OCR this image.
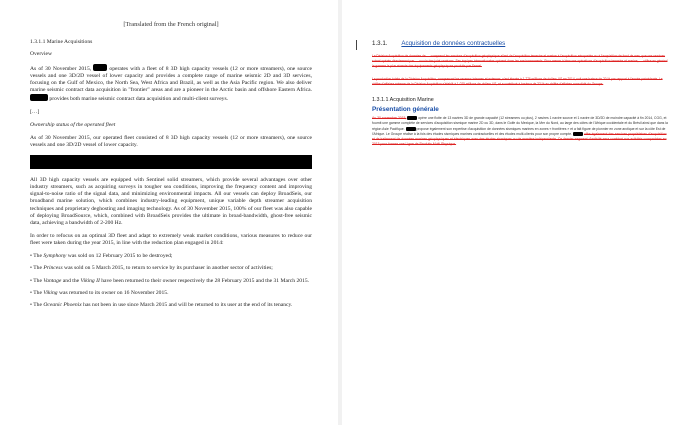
[Translated from the French original]
1.3.1.1 Marine Acquisitions
Overview

As of 30 November 2015,	operates with a fleet of 8 3D high capacity vessels (12 or more streamers), one source vessels and one 3D/2D vessel of lower capacity and provides a complete range of marine seismic 2D and 3D services, focusing on the Gulf of Mexico, the North Sea, West Africa and Brazil, as well as the Asia Pacific region. We also deliver marine seismic contract data acquisition in "frontier" areas and are a pioneer in the Arctic basin and offshore Eastern Africa.  provides both marine seismic contract data acquisition and multi-client surveys.

[…]

Ownership status of the operated fleet

As of 30 November 2015, our operated fleet consisted of 8 3D high capacity vessels (12 or more streamers), one source vessels and one 3D/2D vessel of lower capacity.

All 3D high capacity vessels are equipped with Sentinel solid streamers, which provide several advantages over other industry streamers, such as acquiring surveys in tougher sea conditions, improving the frequency content and improving signal-to-noise ratio of the signal data, and minimizing environmental impacts. All our vessels can deploy BroadSeis, our broadband marine solution, which combines industry-leading equipment, unique variable depth streamer acquisition techniques and proprietary deghosting and imaging technology. As of 30 November 2015, 100% of our fleet was also capable of deploying BroadSource, which, combined with BroadSeis provides the ultimate in broad-bandwidth, ghost-free seismic data, achieving a bandwidth of 2-200 Hz.

In order to refocus on an optimal 3D fleet and adapt to extremely weak market conditions, various measures to reduce our fleet were taken during the year 2015, in line with the reduction plan engaged in 2014:

• The Symphony was sold on 12 February 2015 to be destroyed;
• The Princess was sold on 5 March 2015, to return to service by its purchaser in another sector of activities;
• The Vantage and the Viking II have been returned to their owner respectively the 28 February 2015 and the 31 March 2015.
• The Viking was returned to its owner on 16 November 2015.
• The Oceanic Phoenix has not been in use since March 2015 and will be returned to its user at the end of its tenancy.
1.3.1. Acquisition de données contractuelles
La Division Acquisition de données de … comprend les services d'acquisition géophysique allant de l'acquisition terrestre et marine à l'acquisition aéroportée ou à l'acquisition de fond de mer, que ces services soient opérés directement par … ou via des joint-ventures. Ses équipes internationales opèrent dans les environnements. Pour mener à bien ses opérations d'acquisition terrestre et marine, … utilise en général la gamme la plus récente des équipements géophysiques produits par Sercel.
La production totale de la Division Acquisition, comprenant les revenus internes et externes, s'est élevée à 1 776 millions de dollars US en 2014, soit une baisse de 20 % par rapport à l'année précédente. Le chiffre d'affaires externe de la Division Acquisition s'établit à 1 025 millions de dollars US, et a contribué à hauteur de 33 % au chiffre d'affaires consolidé du Groupe.
1.3.1.1 Acquisition Marine
Présentation générale
Au 30 novembre 2015,	opère une flotte de 13 navires 3D de grande capacité (12 streamers ou plus), 2 navires 1 navire source et 1 navire de 3D/2D de moindre capacité à fin 2014, CGG, et fournit une gamme complète de services d'acquisition sismique marine 2D ou 3D, dans le Golfe du Mexique, la Mer du Nord, au large des côtes de l'Afrique occidentale et du Brésil ainsi que dans la région Asie Pacifique.	propose également son expertise d'acquisition de données sismiques marines en zones « frontières » et a fait figure de pionnier en zone arctique et sur la côte Est de l'Afrique. Le Groupe réalise à la fois des études sismiques marines contractuelles et des études multi-clients pour son propre compte.	offre également des services propriétaires d'acquisition et de traitement de données marines géophysiques et électriques avec des études sismiques ou de manière indépendante. Ce dernier segment d'activité sera combiné aux activités compactées en 2015 pour former une Ligne de Produits Multi-Physique.
